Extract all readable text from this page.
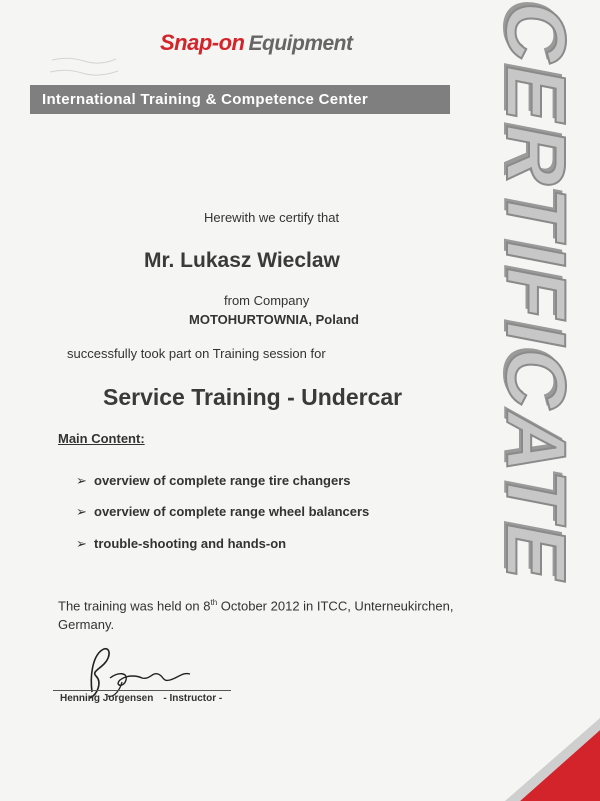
Snap-on Equipment
International Training & Competence Center
Herewith we certify that
Mr. Lukasz Wieclaw
from Company
MOTOHURTOWNIA, Poland
successfully took part on Training session for
Service Training - Undercar
Main Content:
➢ overview of complete range tire changers
➢ overview of complete range wheel balancers
➢ trouble-shooting and hands-on
The training was held on 8th October 2012 in ITCC, Unterneukirchen, Germany.
Henning Jorgensen - Instructor -
CERTIFICATE
